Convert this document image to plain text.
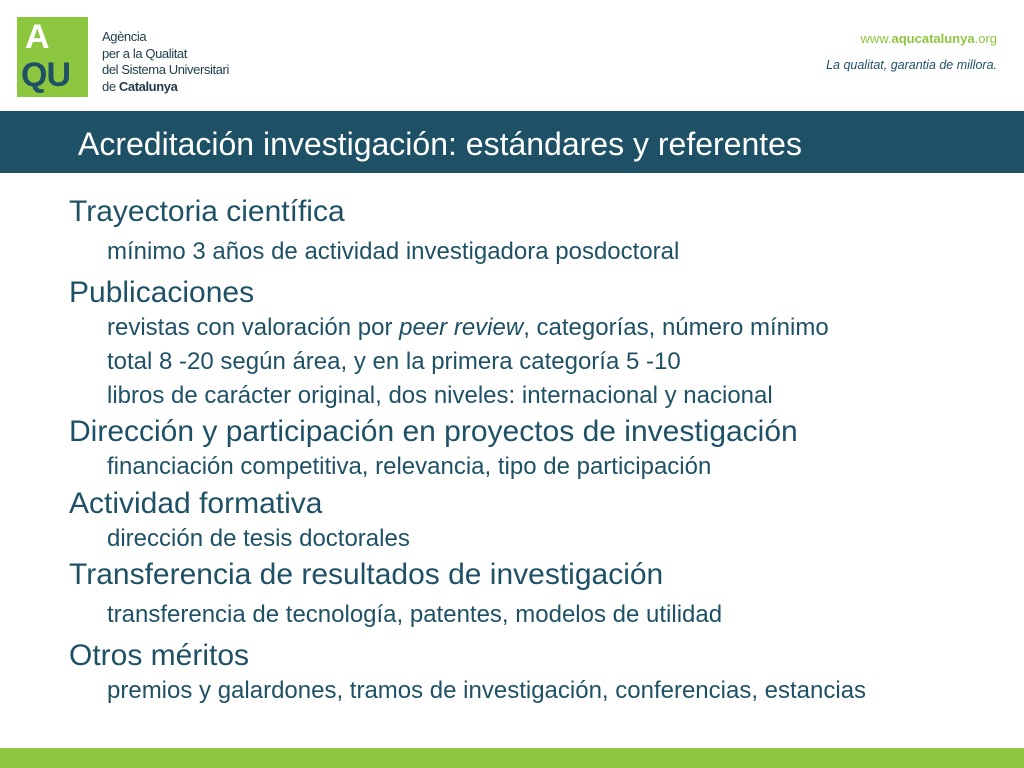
A
QU
Agència
per a la Qualitat
del Sistema Universitari
de Catalunya
www.aqucatalunya.org
La qualitat, garantia de millora.
Acreditación investigación: estándares y referentes
Trayectoria científica
mínimo 3 años de actividad investigadora posdoctoral
Publicaciones
revistas con valoración por peer review, categorías, número mínimo
total 8 -20 según área, y en la primera categoría 5 -10
libros de carácter original, dos niveles: internacional y nacional
Dirección y participación en proyectos de investigación
financiación competitiva, relevancia, tipo de participación
Actividad formativa
dirección de tesis doctorales
Transferencia de resultados de investigación
transferencia de tecnología, patentes, modelos de utilidad
Otros méritos
premios y galardones, tramos de investigación, conferencias, estancias
